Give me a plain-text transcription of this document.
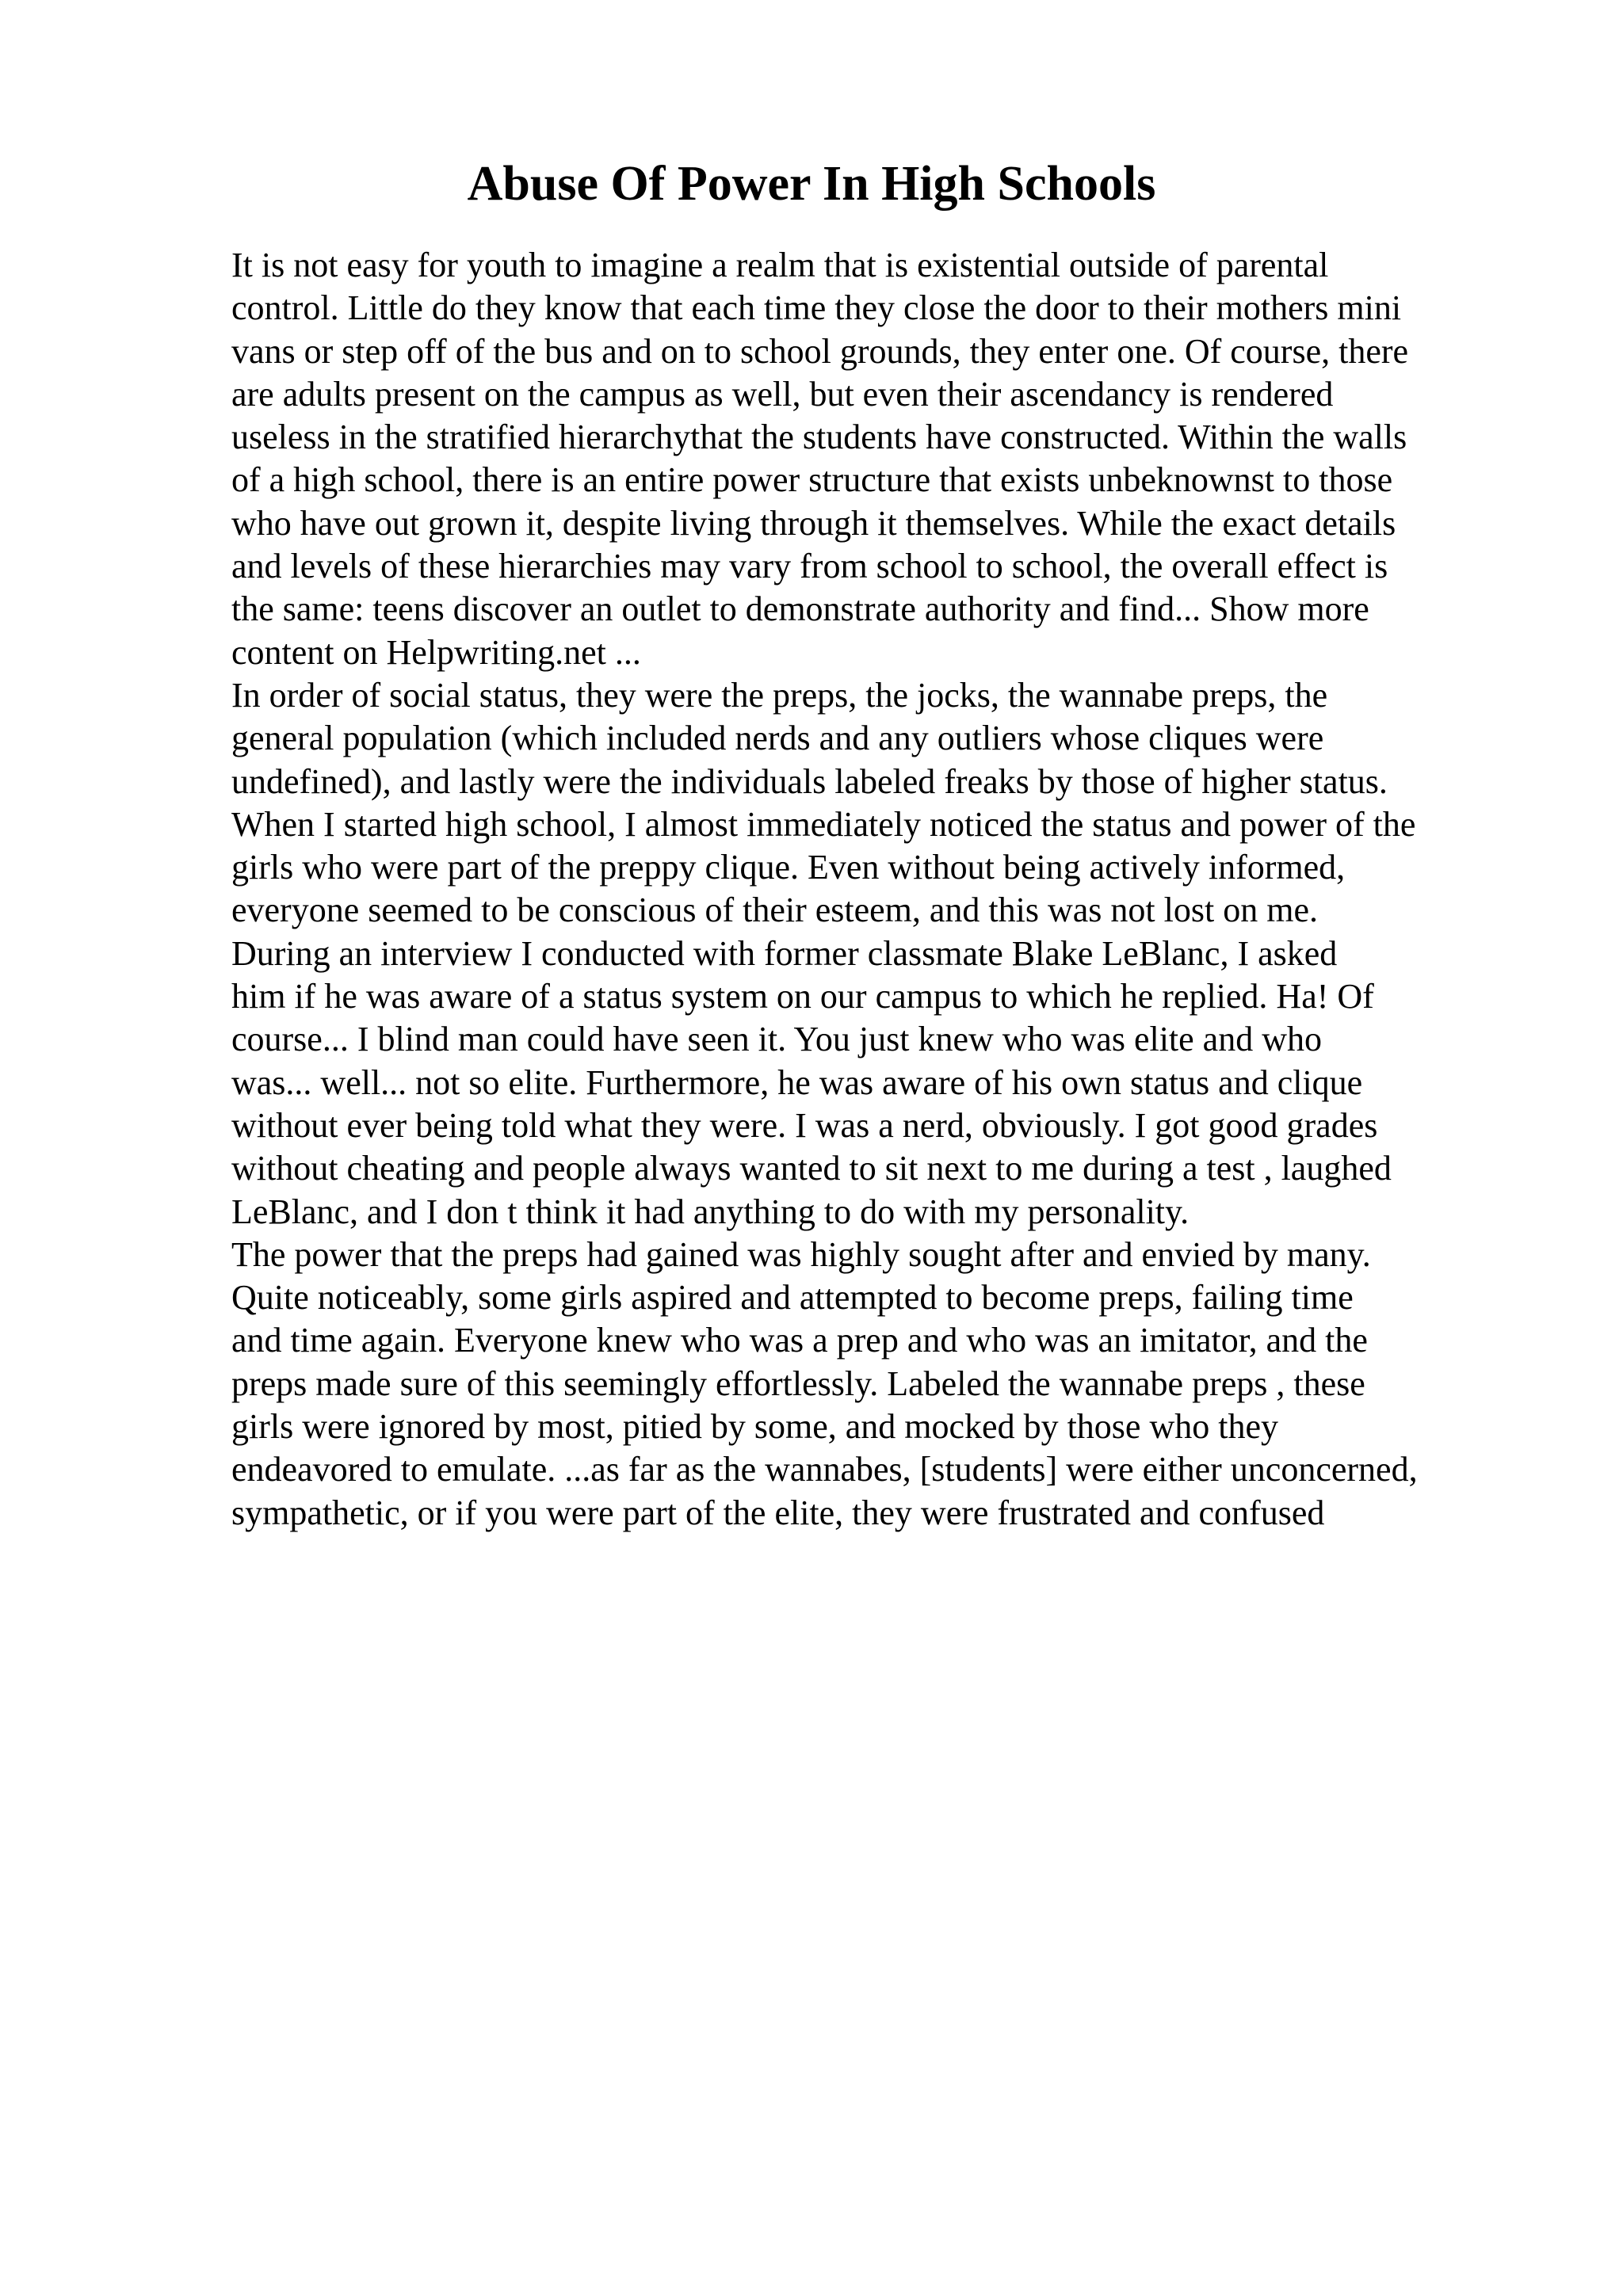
Abuse Of Power In High Schools
It is not easy for youth to imagine a realm that is existential outside of parental
control. Little do they know that each time they close the door to their mothers mini
vans or step off of the bus and on to school grounds, they enter one. Of course, there
are adults present on the campus as well, but even their ascendancy is rendered
useless in the stratified hierarchythat the students have constructed. Within the walls
of a high school, there is an entire power structure that exists unbeknownst to those
who have out grown it, despite living through it themselves. While the exact details
and levels of these hierarchies may vary from school to school, the overall effect is
the same: teens discover an outlet to demonstrate authority and find... Show more
content on Helpwriting.net ...
In order of social status, they were the preps, the jocks, the wannabe preps, the
general population (which included nerds and any outliers whose cliques were
undefined), and lastly were the individuals labeled freaks by those of higher status.
When I started high school, I almost immediately noticed the status and power of the
girls who were part of the preppy clique. Even without being actively informed,
everyone seemed to be conscious of their esteem, and this was not lost on me.
During an interview I conducted with former classmate Blake LeBlanc, I asked
him if he was aware of a status system on our campus to which he replied. Ha! Of
course... I blind man could have seen it. You just knew who was elite and who
was... well... not so elite. Furthermore, he was aware of his own status and clique
without ever being told what they were. I was a nerd, obviously. I got good grades
without cheating and people always wanted to sit next to me during a test , laughed
LeBlanc, and I don t think it had anything to do with my personality.
The power that the preps had gained was highly sought after and envied by many.
Quite noticeably, some girls aspired and attempted to become preps, failing time
and time again. Everyone knew who was a prep and who was an imitator, and the
preps made sure of this seemingly effortlessly. Labeled the wannabe preps , these
girls were ignored by most, pitied by some, and mocked by those who they
endeavored to emulate. ...as far as the wannabes, [students] were either unconcerned,
sympathetic, or if you were part of the elite, they were frustrated and confused
